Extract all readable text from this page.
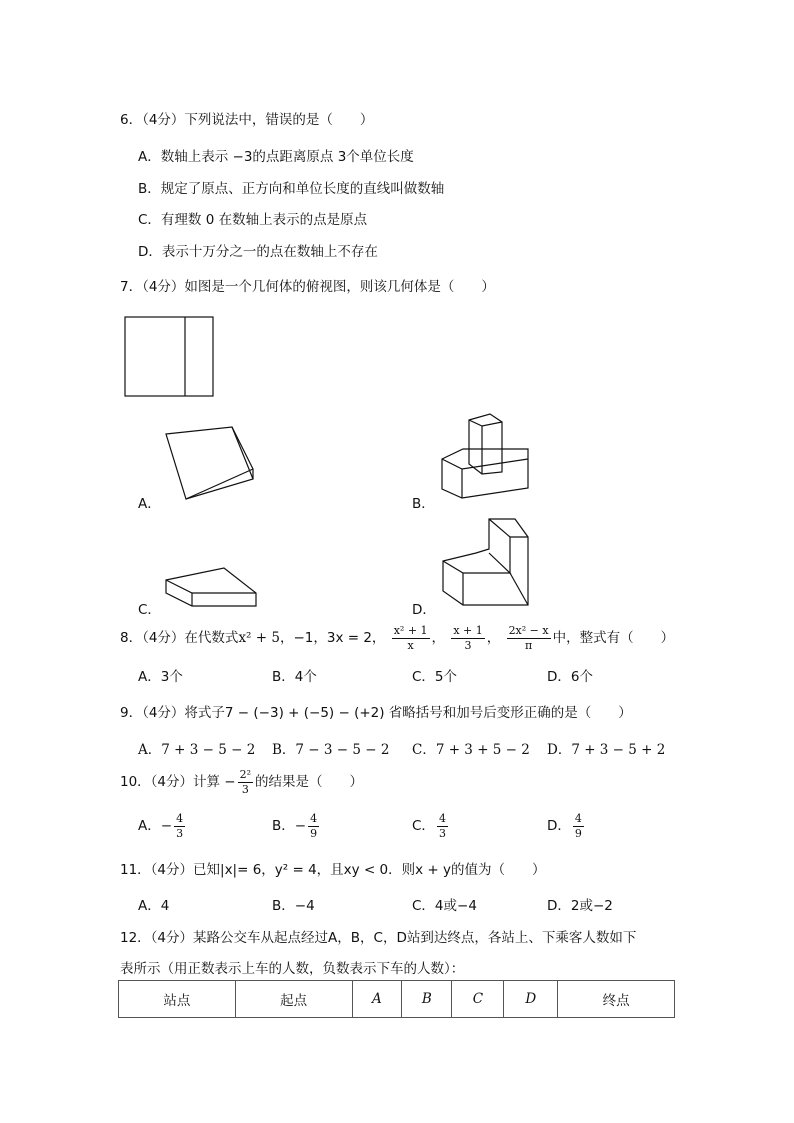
6．（4分）下列说法中，错误的是（　　）
A．数轴上表示 −3的点距离原点 3个单位长度
B．规定了原点、正方向和单位长度的直线叫做数轴
C．有理数 0 在数轴上表示的点是原点
D．表示十万分之一的点在数轴上不存在
7．（4分）如图是一个几何体的俯视图，则该几何体是（　　）
A．	B．
C．	D．
8．（4分）在代数式x² + 5，−1，3x = 2， $\frac{\text{x² + 1}}{x}$ ， $\frac{x + 1}{3}$ ， $\frac{\text{2x² − x}}{\pi}$ 中，整式有（　　）
A．3个	B．4个	C．5个	D．6个
9．（4分）将式子7 − (−3) + (−5) − (+2) 省略括号和加号后变形正确的是（　　）
A．7 + 3 − 5 − 2 B．7 − 3 − 5 − 2 C．7 + 3 + 5 − 2 D．7 + 3 − 5 + 2
10．（4分）计算 − $\frac{\text{2²}}{3}$ 的结果是（　　）
A．− $\frac{4}{3}$	B．− $\frac{4}{9}$	C． $\frac{4}{3}$	D． $\frac{4}{9}$
11．（4分）已知|x|= 6，y² = 4，且xy < 0．则x + y的值为（　　）
A．4	B．−4	C．4或−4	D．2或−2
12．（4分）某路公交车从起点经过A，B，C，D站到达终点，各站上、下乘客人数如下
表所示（用正数表示上车的人数，负数表示下车的人数）：
站点	起点	A	B	C	D	终点
